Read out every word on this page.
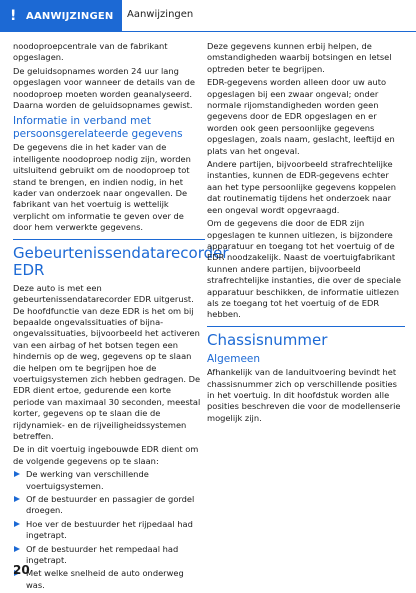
! AANWIJZINGEN Aanwijzingen

noodoproepcentrale van de fabrikant opgeslagen.

De geluidsopnames worden 24 uur lang opgeslagen voor wanneer de details van de noodoproep moeten worden geanalyseerd. Daarna worden de geluidsopnames gewist.

Informatie in verband met persoonsgerelateerde gegevens

De gegevens die in het kader van de intelligente noodoproep nodig zijn, worden uitsluitend gebruikt om de noodoproep tot stand te brengen, en indien nodig, in het kader van onderzoek naar ongevallen. De fabrikant van het voertuig is wettelijk verplicht om informatie te geven over de door hem verwerkte gegevens.

Gebeurtenissendatarecorder EDR

Deze auto is met een gebeurtenissendatarecorder EDR uitgerust. De hoofdfunctie van deze EDR is het om bij bepaalde ongevalssituaties of bijna-ongevalssituaties, bijvoorbeeld het activeren van een airbag of het botsen tegen een hindernis op de weg, gegevens op te slaan die helpen om te begrijpen hoe de voertuigsystemen zich hebben gedragen. De EDR dient ertoe, gedurende een korte periode van maximaal 30 seconden, meestal korter, gegevens op te slaan die de rijdynamiek- en de rijveiligheidssystemen betreffen.

De in dit voertuig ingebouwde EDR dient om de volgende gegevens op te slaan:

De werking van verschillende voertuigsystemen.
Of de bestuurder en passagier de gordel droegen.
Hoe ver de bestuurder het rijpedaal had ingetrapt.
Of de bestuurder het rempedaal had ingetrapt.
Met welke snelheid de auto onderweg was.

Deze gegevens kunnen erbij helpen, de omstandigheden waarbij botsingen en letsel optreden beter te begrijpen.

EDR-gegevens worden alleen door uw auto opgeslagen bij een zwaar ongeval; onder normale rijomstandigheden worden geen gegevens door de EDR opgeslagen en er worden ook geen persoonlijke gegevens opgeslagen, zoals naam, geslacht, leeftijd en plats van het ongeval.

Andere partijen, bijvoorbeeld strafrechtelijke instanties, kunnen de EDR-gegevens echter aan het type persoonlijke gegevens koppelen dat routinematig tijdens het onderzoek naar een ongeval wordt opgevraagd.

Om de gegevens die door de EDR zijn opgeslagen te kunnen uitlezen, is bijzondere apparatuur en toegang tot het voertuig of de EDR noodzakelijk. Naast de voertuigfabrikant kunnen andere partijen, bijvoorbeeld strafrechtelijke instanties, die over de speciale apparatuur beschikken, de informatie uitlezen als ze toegang tot het voertuig of de EDR hebben.

Chassisnummer
Algemeen

Afhankelijk van de landuitvoering bevindt het chassisnummer zich op verschillende posities in het voertuig. In dit hoofdstuk worden alle posities beschreven die voor de modellenserie mogelijk zijn.

20
